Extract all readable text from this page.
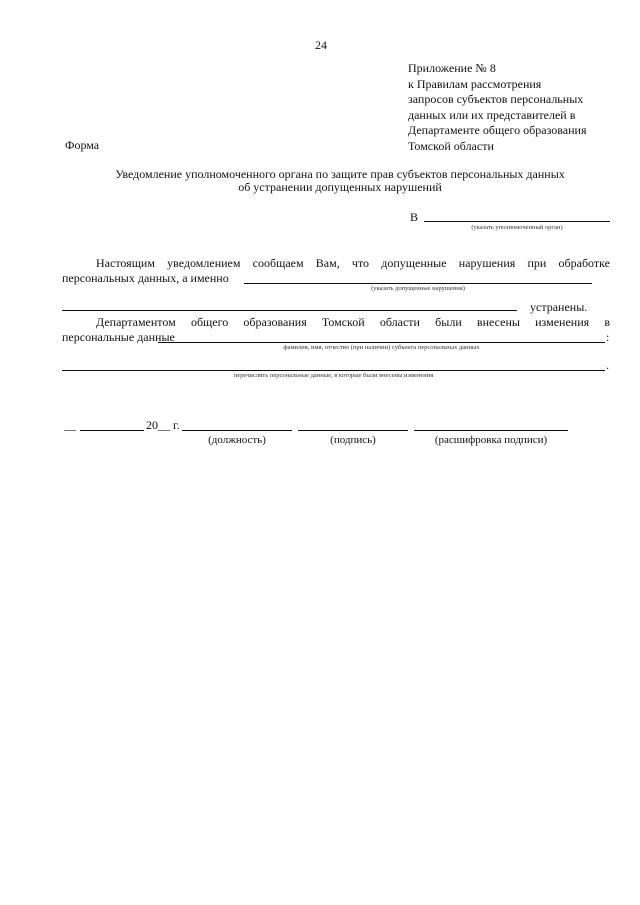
24
Приложение № 8
к Правилам рассмотрения
запросов субъектов персональных
данных или их представителей в
Департаменте общего образования
Томской области
Форма
Уведомление уполномоченного органа по защите прав субъектов персональных данных
об устранении допущенных нарушений
В
(указать уполномоченный орган)
Настоящим уведомлением сообщаем Вам, что допущенные нарушения при обработке
персональных данных, а именно
(указать допущенные нарушения)
устранены.
Департаментом общего образования Томской области были внесены изменения в
персональные данные	:
фамилия, имя, отчество (при наличии) субъекта персональных данных
.
перечислить персональные данные, в которые были внесены изменения
__	20__ г.
(должность)	(подпись)	(расшифровка подписи)
